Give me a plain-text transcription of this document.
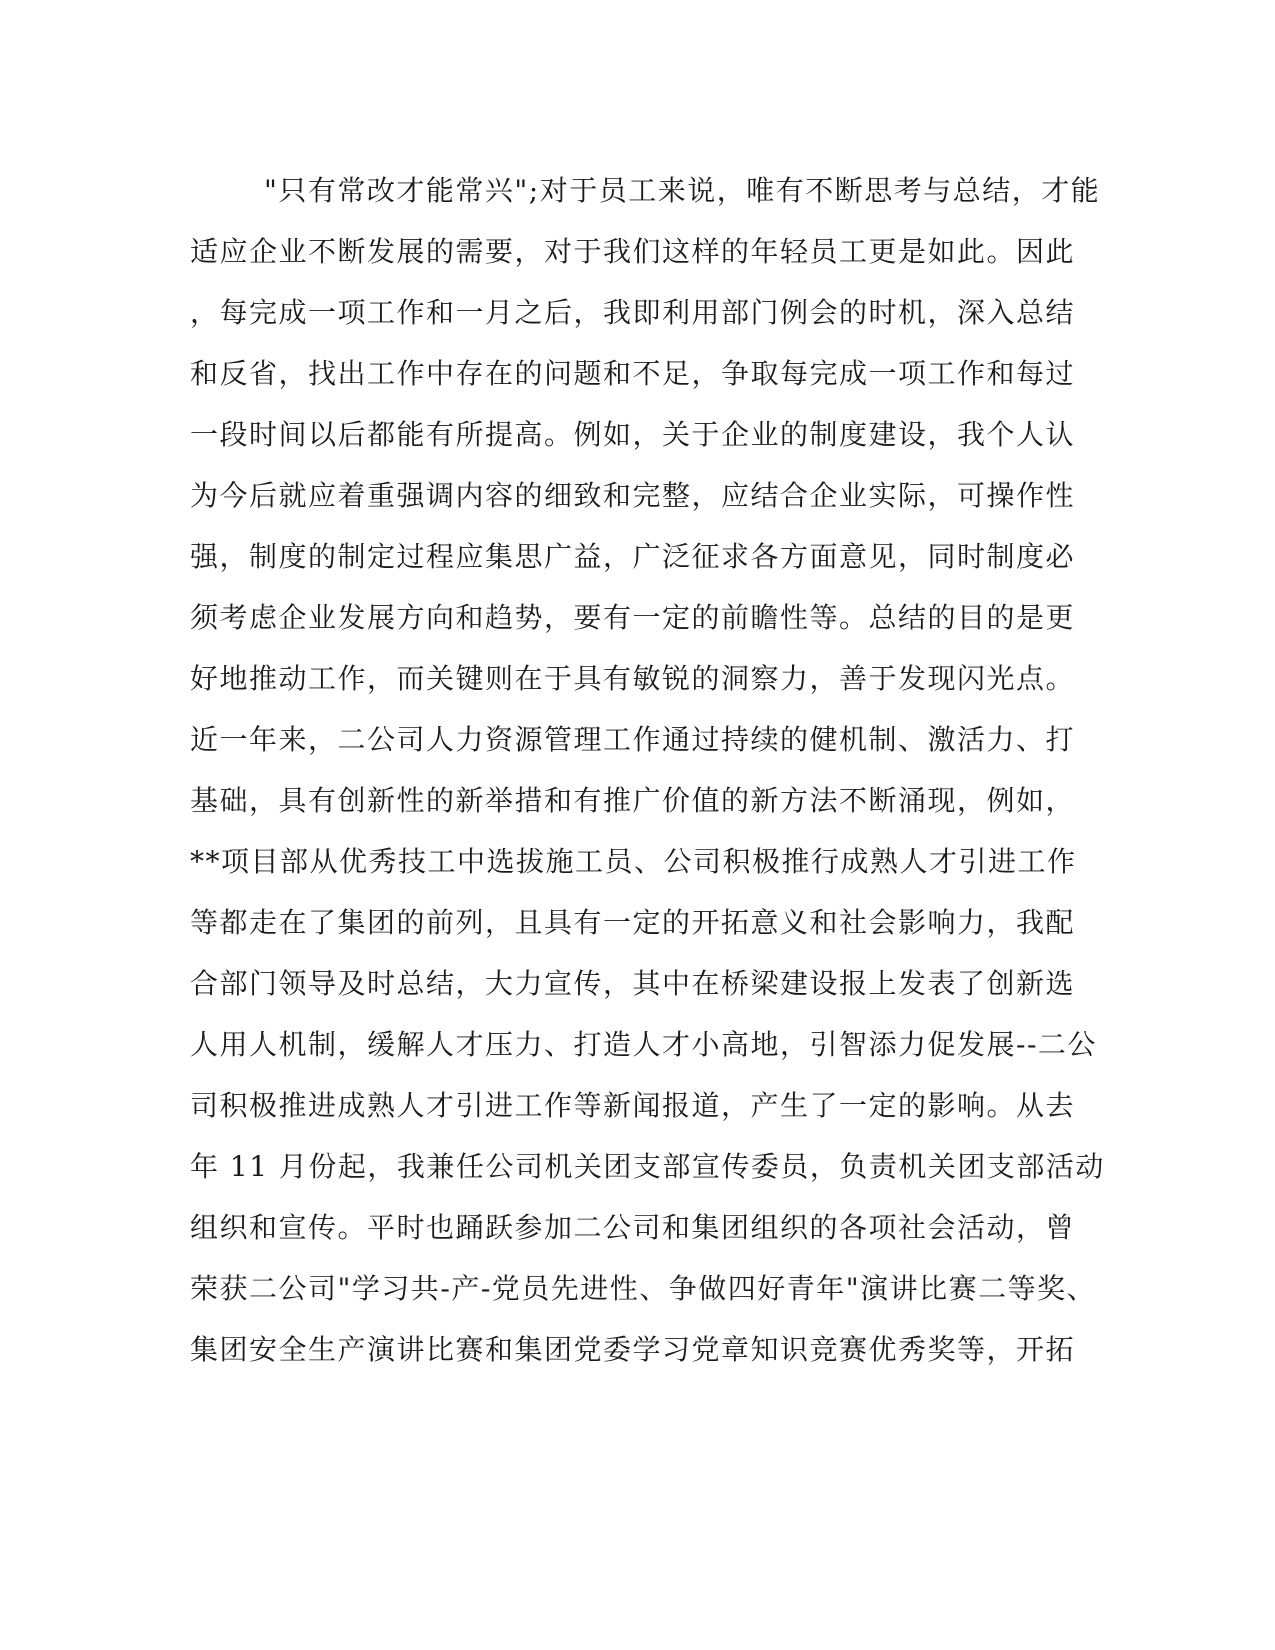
"只有常改才能常兴";对于员工来说，唯有不断思考与总结，才能
适应企业不断发展的需要，对于我们这样的年轻员工更是如此。因此
，每完成一项工作和一月之后，我即利用部门例会的时机，深入总结
和反省，找出工作中存在的问题和不足，争取每完成一项工作和每过
一段时间以后都能有所提高。例如，关于企业的制度建设，我个人认
为今后就应着重强调内容的细致和完整，应结合企业实际，可操作性
强，制度的制定过程应集思广益，广泛征求各方面意见，同时制度必
须考虑企业发展方向和趋势，要有一定的前瞻性等。总结的目的是更
好地推动工作，而关键则在于具有敏锐的洞察力，善于发现闪光点。
近一年来，二公司人力资源管理工作通过持续的健机制、激活力、打
基础，具有创新性的新举措和有推广价值的新方法不断涌现，例如，
**项目部从优秀技工中选拔施工员、公司积极推行成熟人才引进工作
等都走在了集团的前列，且具有一定的开拓意义和社会影响力，我配
合部门领导及时总结，大力宣传，其中在桥梁建设报上发表了创新选
人用人机制，缓解人才压力、打造人才小高地，引智添力促发展--二公
司积极推进成熟人才引进工作等新闻报道，产生了一定的影响。从去
年 11 月份起，我兼任公司机关团支部宣传委员，负责机关团支部活动
组织和宣传。平时也踊跃参加二公司和集团组织的各项社会活动，曾
荣获二公司"学习共-产-党员先进性、争做四好青年"演讲比赛二等奖、
集团安全生产演讲比赛和集团党委学习党章知识竞赛优秀奖等，开拓
